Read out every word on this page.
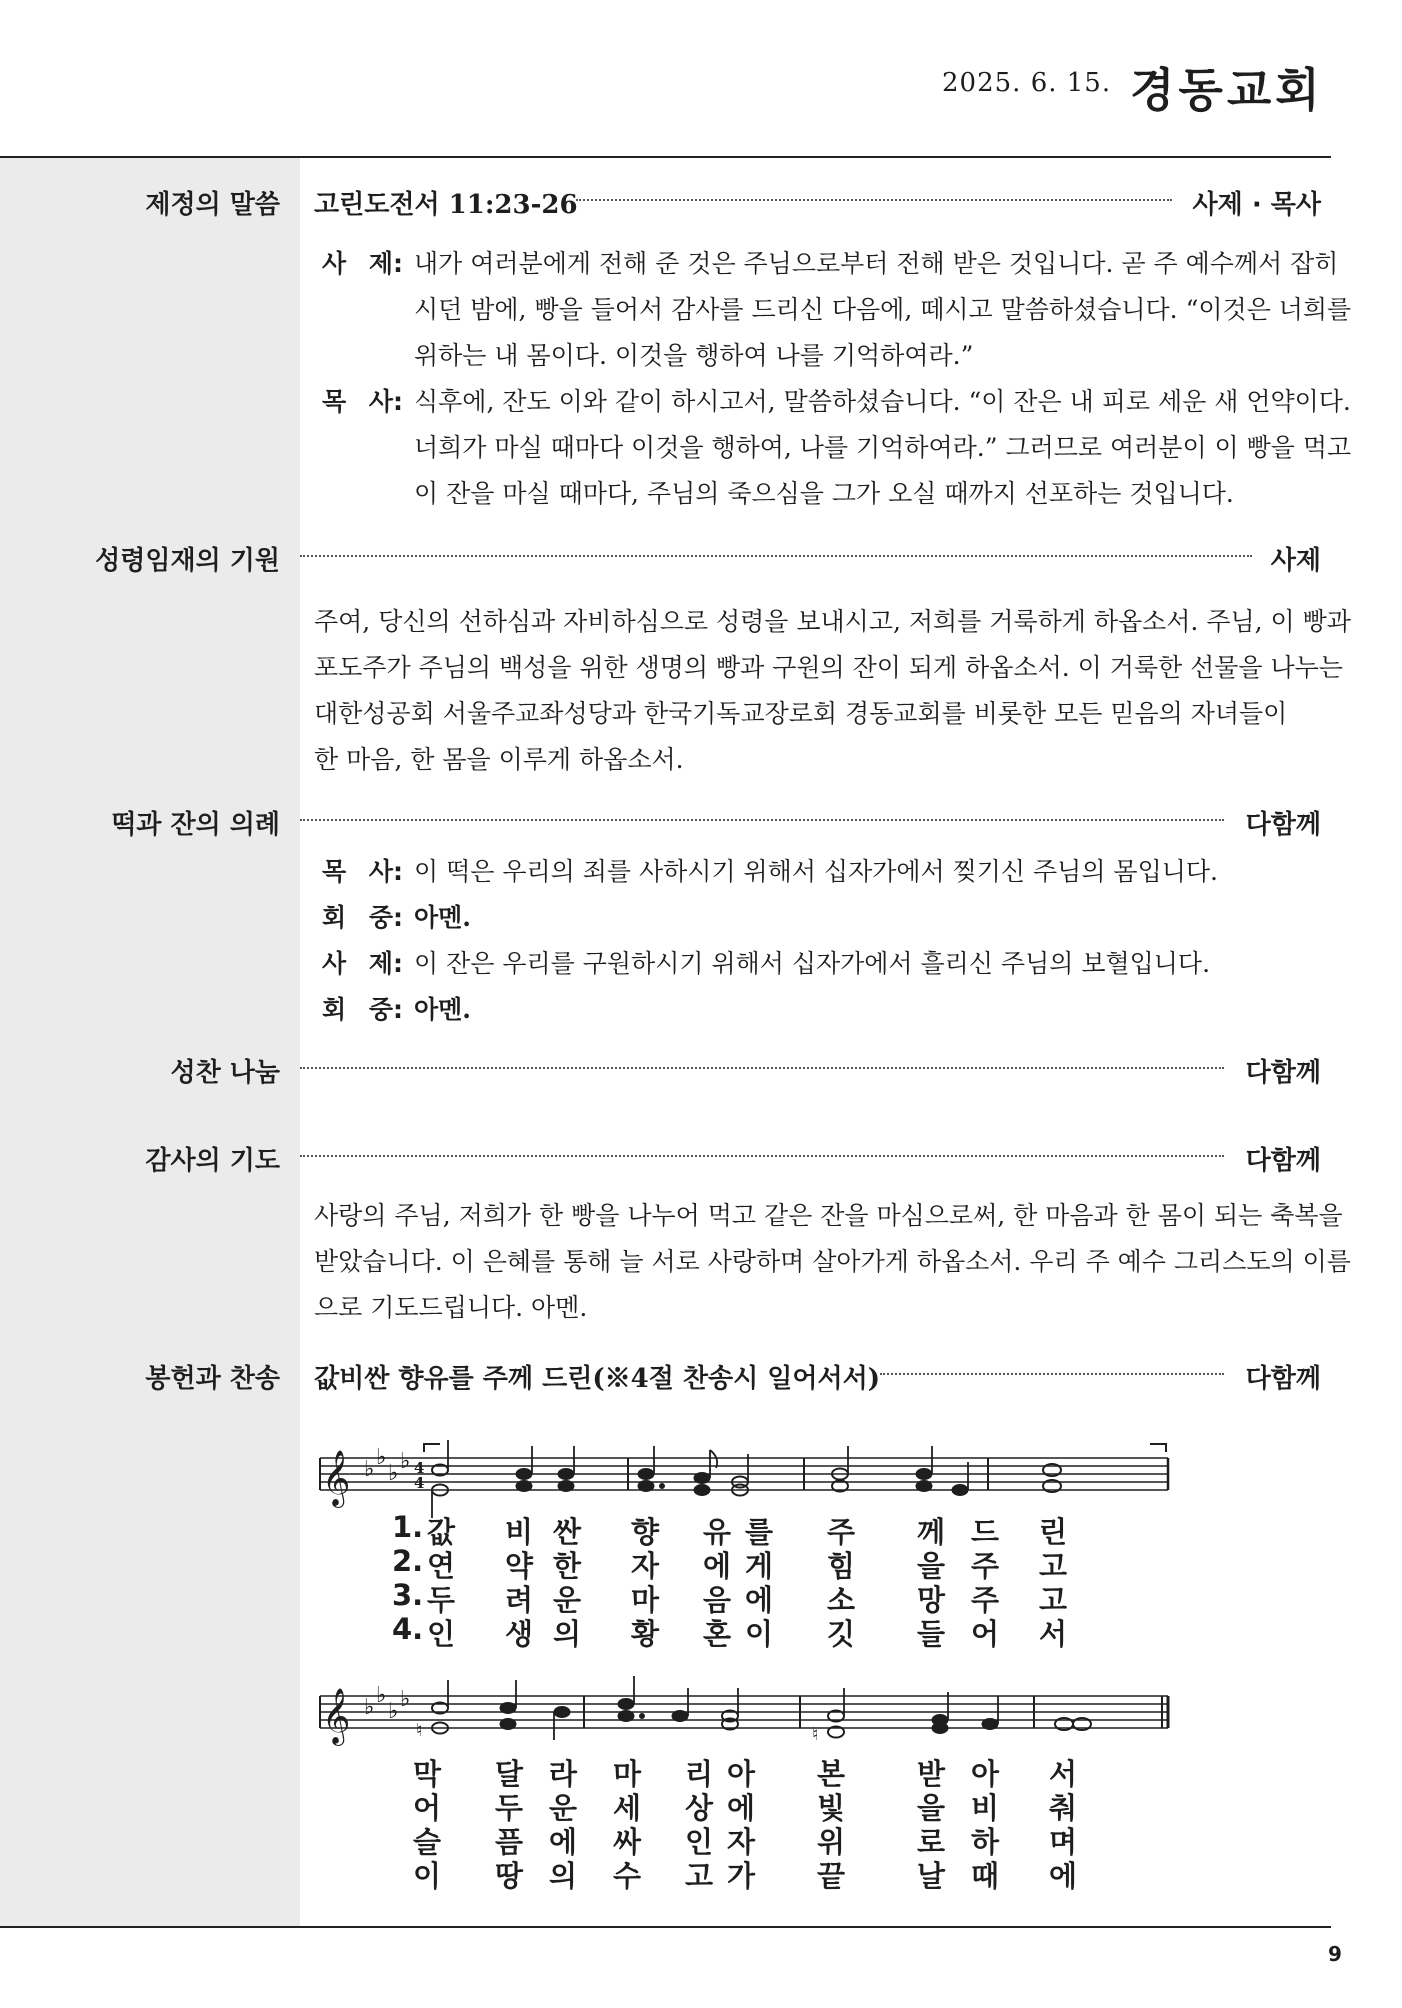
2025. 6. 15. 경동교회
제정의 말씀 고린도전서 11:23-26	사제 · 목사
사 제: 내가 여러분에게 전해 준 것은 주님으로부터 전해 받은 것입니다. 곧 주 예수께서 잡히
시던 밤에, 빵을 들어서 감사를 드리신 다음에, 떼시고 말씀하셨습니다. “이것은 너희를
위하는 내 몸이다. 이것을 행하여 나를 기억하여라.”
목 사: 식후에, 잔도 이와 같이 하시고서, 말씀하셨습니다. “이 잔은 내 피로 세운 새 언약이다.
너희가 마실 때마다 이것을 행하여, 나를 기억하여라.” 그러므로 여러분이 이 빵을 먹고
이 잔을 마실 때마다, 주님의 죽으심을 그가 오실 때까지 선포하는 것입니다.
성령임재의 기원	사제
주여, 당신의 선하심과 자비하심으로 성령을 보내시고, 저희를 거룩하게 하옵소서. 주님, 이 빵과
포도주가 주님의 백성을 위한 생명의 빵과 구원의 잔이 되게 하옵소서. 이 거룩한 선물을 나누는
대한성공회 서울주교좌성당과 한국기독교장로회 경동교회를 비롯한 모든 믿음의 자녀들이
한 마음, 한 몸을 이루게 하옵소서.
떡과 잔의 의례	다함께
목 사: 이 떡은 우리의 죄를 사하시기 위해서 십자가에서 찢기신 주님의 몸입니다.
회 중: 아멘.
사 제: 이 잔은 우리를 구원하시기 위해서 십자가에서 흘리신 주님의 보혈입니다.
회 중: 아멘.
성찬 나눔	다함께
감사의 기도	다함께
사랑의 주님, 저희가 한 빵을 나누어 먹고 같은 잔을 마심으로써, 한 마음과 한 몸이 되는 축복을
받았습니다. 이 은혜를 통해 늘 서로 사랑하며 살아가게 하옵소서. 우리 주 예수 그리스도의 이름
으로 기도드립니다. 아멘.
봉헌과 찬송 값비싼 향유를 주께 드린(※4절 찬송시 일어서서)	다함께
𝄞 ♭ ♭
♭ ♭ 4
4
𝄞 ♭ ♭
♭ ♭
♮	♮
1.
2.
3.
4.
값 비 싼 향 유 를 주 께 드 린
연 약 한 자 에 게 힘 을 주 고
두 려 운 마 음 에 소 망 주 고
인 생 의 황 혼 이 깃 들 어 서
막 달 라 마 리 아 본 받 아 서
어 두 운 세 상 에 빛 을 비 춰
슬 픔 에 싸 인 자 위 로 하 며
이 땅 의 수 고 가 끝 날 때 에
9
